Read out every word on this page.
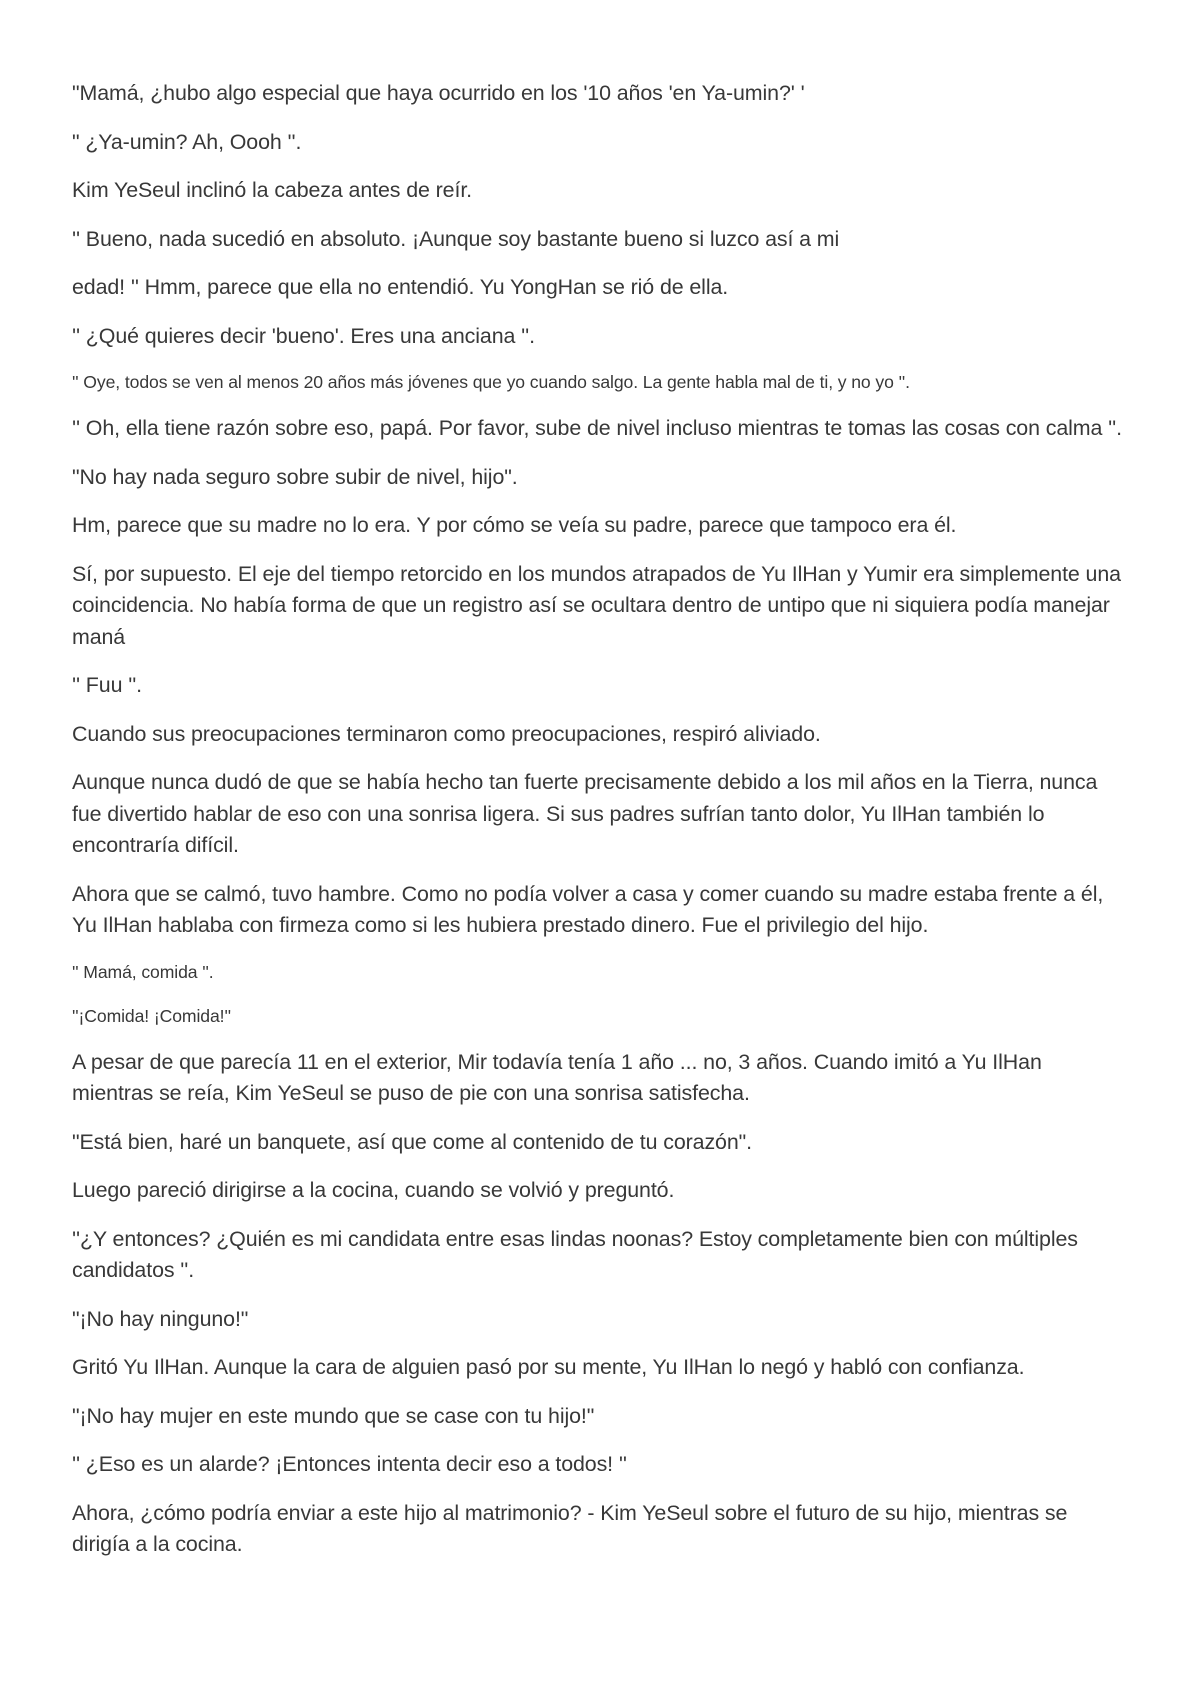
"Mamá, ¿hubo algo especial que haya ocurrido en los '10 años 'en Ya-umin?' '

" ¿Ya-umin? Ah, Oooh ''.

Kim YeSeul inclinó la cabeza antes de reír.

'' Bueno, nada sucedió en absoluto. ¡Aunque soy bastante bueno si luzco así a mi

edad! '' Hmm, parece que ella no entendió. Yu YongHan se rió de ella.

'' ¿Qué quieres decir 'bueno'. Eres una anciana ''.

'' Oye, todos se ven al menos 20 años más jóvenes que yo cuando salgo. La gente habla mal de ti, y no yo ''.

'' Oh, ella tiene razón sobre eso, papá. Por favor, sube de nivel incluso mientras te tomas las cosas con calma ''.

"No hay nada seguro sobre subir de nivel, hijo".

Hm, parece que su madre no lo era. Y por cómo se veía su padre, parece que tampoco era él.

Sí, por supuesto. El eje del tiempo retorcido en los mundos atrapados de Yu IlHan y Yumir era simplemente una coincidencia. No había forma de que un registro así se ocultara dentro de untipo que ni siquiera podía manejar maná

'' Fuu ''.

Cuando sus preocupaciones terminaron como preocupaciones, respiró aliviado.

Aunque nunca dudó de que se había hecho tan fuerte precisamente debido a los mil años en la Tierra, nunca fue divertido hablar de eso con una sonrisa ligera. Si sus padres sufrían tanto dolor, Yu IlHan también lo encontraría difícil.

Ahora que se calmó, tuvo hambre. Como no podía volver a casa y comer cuando su madre estaba frente a él, Yu IlHan hablaba con firmeza como si les hubiera prestado dinero. Fue el privilegio del hijo.

'' Mamá, comida ''.

''¡Comida! ¡Comida!''

A pesar de que parecía 11 en el exterior, Mir todavía tenía 1 año ... no, 3 años. Cuando imitó a Yu IlHan mientras se reía, Kim YeSeul se puso de pie con una sonrisa satisfecha.

"Está bien, haré un banquete, así que come al contenido de tu corazón".

Luego pareció dirigirse a la cocina, cuando se volvió y preguntó.

''¿Y entonces? ¿Quién es mi candidata entre esas lindas noonas? Estoy completamente bien con múltiples candidatos ''.

"¡No hay ninguno!"

Gritó Yu IlHan. Aunque la cara de alguien pasó por su mente, Yu IlHan lo negó y habló con confianza.

"¡No hay mujer en este mundo que se case con tu hijo!"

'' ¿Eso es un alarde? ¡Entonces intenta decir eso a todos! ''

Ahora, ¿cómo podría enviar a este hijo al matrimonio? - Kim YeSeul sobre el futuro de su hijo, mientras se dirigía a la cocina.
